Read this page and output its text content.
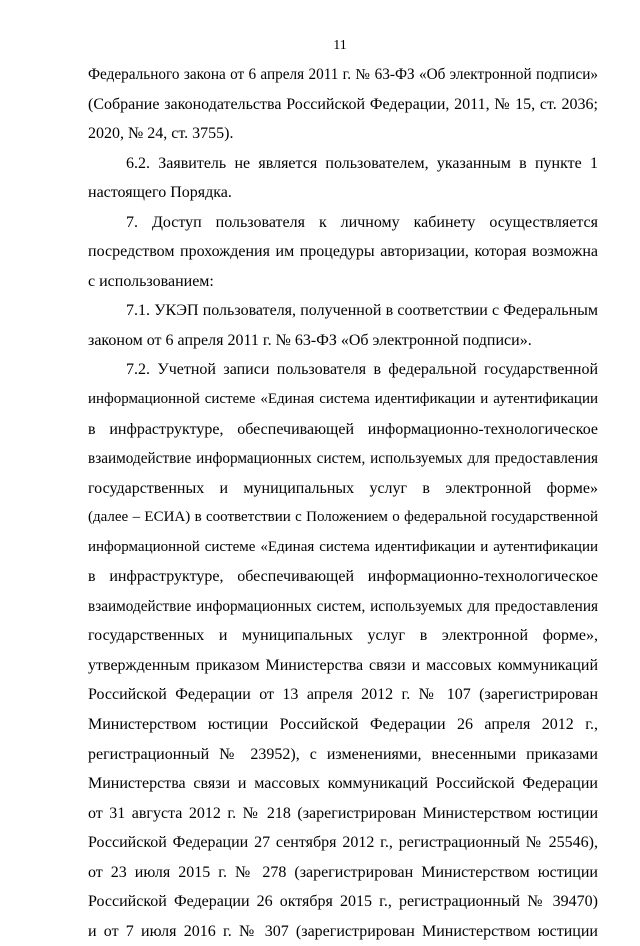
11
Федерального закона от 6 апреля 2011 г. № 63-ФЗ «Об электронной подписи»
(Собрание законодательства Российской Федерации, 2011, № 15, ст. 2036;
2020, № 24, ст. 3755).
6.2. Заявитель не является пользователем, указанным в пункте 1
настоящего Порядка.
7. Доступ пользователя к личному кабинету осуществляется
посредством прохождения им процедуры авторизации, которая возможна
с использованием:
7.1. УКЭП пользователя, полученной в соответствии с Федеральным
законом от 6 апреля 2011 г. № 63-ФЗ «Об электронной подписи».
7.2. Учетной записи пользователя в федеральной государственной
информационной системе «Единая система идентификации и аутентификации
в инфраструктуре, обеспечивающей информационно-технологическое
взаимодействие информационных систем, используемых для предоставления
государственных и муниципальных услуг в электронной форме»
(далее – ЕСИА) в соответствии с Положением о федеральной государственной
информационной системе «Единая система идентификации и аутентификации
в инфраструктуре, обеспечивающей информационно-технологическое
взаимодействие информационных систем, используемых для предоставления
государственных и муниципальных услуг в электронной форме»,
утвержденным приказом Министерства связи и массовых коммуникаций
Российской Федерации от 13 апреля 2012 г. № 107 (зарегистрирован
Министерством юстиции Российской Федерации 26 апреля 2012 г.,
регистрационный № 23952), с изменениями, внесенными приказами
Министерства связи и массовых коммуникаций Российской Федерации
от 31 августа 2012 г. № 218 (зарегистрирован Министерством юстиции
Российской Федерации 27 сентября 2012 г., регистрационный № 25546),
от 23 июля 2015 г. № 278 (зарегистрирован Министерством юстиции
Российской Федерации 26 октября 2015 г., регистрационный № 39470)
и от 7 июля 2016 г. № 307 (зарегистрирован Министерством юстиции
